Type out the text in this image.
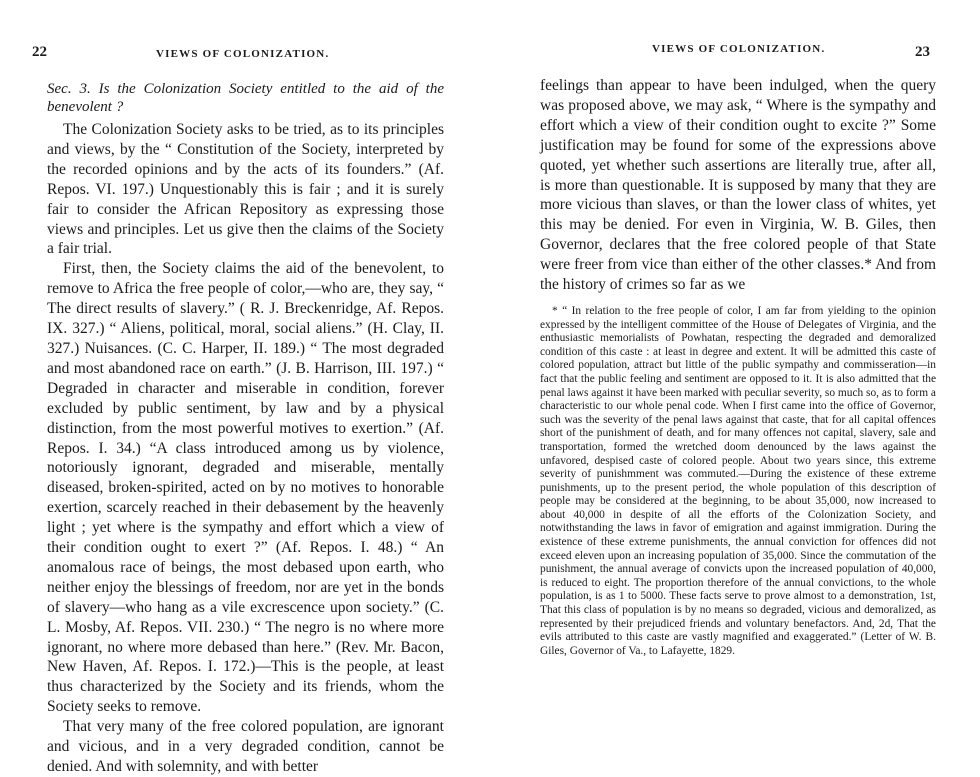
22	VIEWS OF COLONIZATION.

Sec. 3. Is the Colonization Society entitled to the aid of the benevolent ?

The Colonization Society asks to be tried, as to its principles and views, by the “ Constitution of the Society, interpreted by the recorded opinions and by the acts of its founders.” (Af. Repos. VI. 197.) Unquestionably this is fair ; and it is surely fair to consider the African Repository as expressing those views and principles. Let us give then the claims of the Society a fair trial.

First, then, the Society claims the aid of the benevolent, to remove to Africa the free people of color,—who are, they say, “ The direct results of slavery.” ( R. J. Breckenridge, Af. Repos. IX. 327.) “ Aliens, political, moral, social aliens.” (H. Clay, II. 327.) Nuisances. (C. C. Harper, II. 189.) “ The most degraded and most abandoned race on earth.” (J. B. Harrison, III. 197.) “ Degraded in character and miserable in condition, forever excluded by public sentiment, by law and by a physical distinction, from the most powerful motives to exertion.” (Af. Repos. I. 34.) “A class introduced among us by violence, notoriously ignorant, degraded and miserable, mentally diseased, broken-spirited, acted on by no motives to honorable exertion, scarcely reached in their debasement by the heavenly light ; yet where is the sympathy and effort which a view of their condition ought to exert ?” (Af. Repos. I. 48.) “ An anomalous race of beings, the most debased upon earth, who neither enjoy the blessings of freedom, nor are yet in the bonds of slavery—who hang as a vile excrescence upon society.” (C. L. Mosby, Af. Repos. VII. 230.) “ The negro is no where more ignorant, no where more debased than here.” (Rev. Mr. Bacon, New Haven, Af. Repos. I. 172.)—This is the people, at least thus characterized by the Society and its friends, whom the Society seeks to remove.

That very many of the free colored population, are ignorant and vicious, and in a very degraded condition, cannot be denied. And with solemnity, and with better

VIEWS OF COLONIZATION.	23

feelings than appear to have been indulged, when the query was proposed above, we may ask, “ Where is the sympathy and effort which a view of their condition ought to excite ?” Some justification may be found for some of the expressions above quoted, yet whether such assertions are literally true, after all, is more than questionable. It is supposed by many that they are more vicious than slaves, or than the lower class of whites, yet this may be denied. For even in Virginia, W. B. Giles, then Governor, declares that the free colored people of that State were freer from vice than either of the other classes.* And from the history of crimes so far as we

* “ In relation to the free people of color, I am far from yielding to the opinion expressed by the intelligent committee of the House of Delegates of Virginia, and the enthusiastic memorialists of Powhatan, respecting the degraded and demoralized condition of this caste : at least in degree and extent. It will be admitted this caste of colored population, attract but little of the public sympathy and commisseration—in fact that the public feeling and sentiment are opposed to it. It is also admitted that the penal laws against it have been marked with peculiar severity, so much so, as to form a characteristic to our whole penal code. When I first came into the office of Governor, such was the severity of the penal laws against that caste, that for all capital offences short of the punishment of death, and for many offences not capital, slavery, sale and transportation, formed the wretched doom denounced by the laws against the unfavored, despised caste of colored people. About two years since, this extreme severity of punishmment was commuted.—During the existence of these extreme punishments, up to the present period, the whole population of this description of people may be considered at the beginning, to be about 35,000, now increased to about 40,000 in despite of all the efforts of the Colonization Society, and notwithstanding the laws in favor of emigration and against immigration. During the existence of these extreme punishments, the annual conviction for offences did not exceed eleven upon an increasing population of 35,000. Since the commutation of the punishment, the annual average of convicts upon the increased population of 40,000, is reduced to eight. The proportion therefore of the annual convictions, to the whole population, is as 1 to 5000. These facts serve to prove almost to a demonstration, 1st, That this class of population is by no means so degraded, vicious and demoralized, as represented by their prejudiced friends and voluntary benefactors. And, 2d, That the evils attributed to this caste are vastly magnified and exaggerated.” (Letter of W. B. Giles, Governor of Va., to Lafayette, 1829.
